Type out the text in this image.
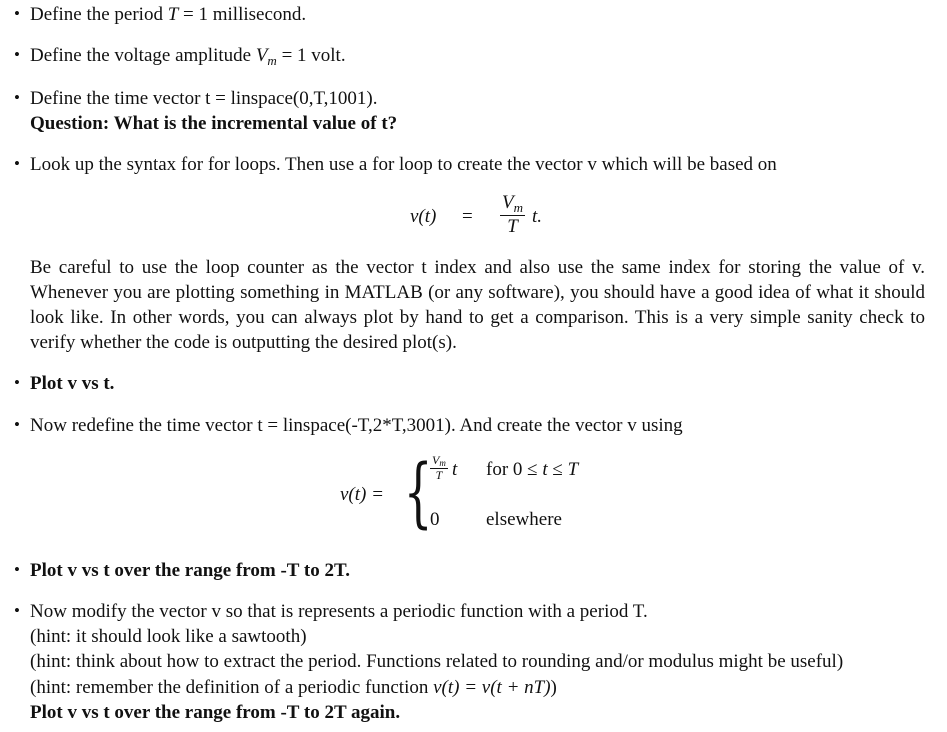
• Define the period T = 1 millisecond.
• Define the voltage amplitude $V_m = 1$ volt.
• Define the time vector t = linspace(0,T,1001).
Question: What is the incremental value of t?
• Look up the syntax for for loops. Then use a for loop to create the vector v which will be based on
$v(t) = \frac{V_m}{T} t$.
Be careful to use the loop counter as the vector t index and also use the same index for storing the value of v. Whenever you are plotting something in MATLAB (or any software), you should have a good idea of what it should look like. In other words, you can always plot by hand to get a comparison. This is a very simple sanity check to verify whether the code is outputting the desired plot(s).
• Plot v vs t.
• Now redefine the time vector t = linspace(-T,2*T,3001). And create the vector v using
v(t) = {
$\frac{Vm}{T}$ t for 0 ≤ t ≤ T
0 elsewhere
• Plot v vs t over the range from -T to 2T.
• Now modify the vector v so that is represents a periodic function with a period T.
(hint: it should look like a sawtooth)
(hint: think about how to extract the period. Functions related to rounding and/or modulus might be useful)
(hint: remember the definition of a periodic function v(t) = v(t + nT))
Plot v vs t over the range from -T to 2T again.
